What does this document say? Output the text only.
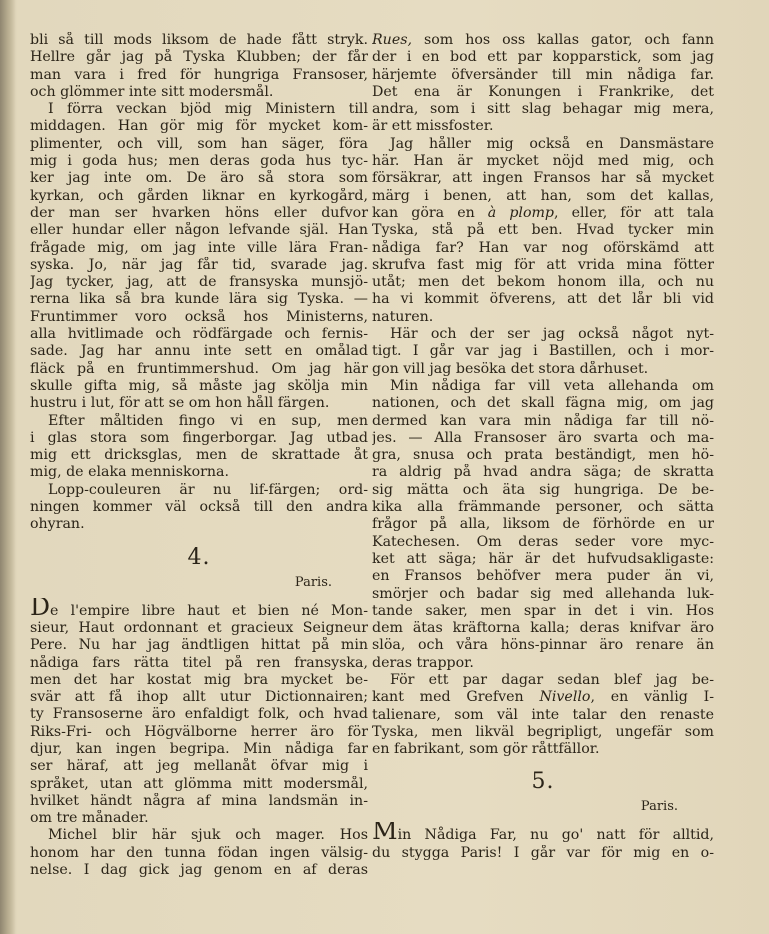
bli så till mods liksom de hade fått stryk.
Hellre går jag på Tyska Klubben; der får
man vara i fred för hungriga Fransoser,
och glömmer inte sitt modersmål.
I förra veckan bjöd mig Ministern till
middagen. Han gör mig för mycket kom-
plimenter, och vill, som han säger, föra
mig i goda hus; men deras goda hus tyc-
ker jag inte om. De äro så stora som
kyrkan, och gården liknar en kyrkogård,
der man ser hvarken höns eller dufvor
eller hundar eller någon lefvande själ. Han
frågade mig, om jag inte ville lära Fran-
syska. Jo, när jag får tid, svarade jag.
Jag tycker, jag, att de fransyska munsjö-
rerna lika så bra kunde lära sig Tyska. —
Fruntimmer voro också hos Ministerns,
alla hvitlimade och rödfärgade och fernis-
sade. Jag har annu inte sett en omålad
fläck på en fruntimmershud. Om jag här
skulle gifta mig, så måste jag skölja min
hustru i lut, för att se om hon håll färgen.
Efter måltiden fingo vi en sup, men
i glas stora som fingerborgar. Jag utbad
mig ett dricksglas, men de skrattade åt
mig, de elaka menniskorna.
Lopp-couleuren är nu lif-färgen; ord-
ningen kommer väl också till den andra
ohyran.
4.
Paris.
De l'empire libre haut et bien né Mon-
sieur, Haut ordonnant et gracieux Seigneur
Pere. Nu har jag ändtligen hittat på min
nådiga fars rätta titel på ren fransyska,
men det har kostat mig bra mycket be-
svär att få ihop allt utur Dictionnairen;
ty Fransoserne äro enfaldigt folk, och hvad
Riks-Fri- och Högvälborne herrer äro för
djur, kan ingen begripa. Min nådiga far
ser häraf, att jeg mellanåt öfvar mig i
språket, utan att glömma mitt modersmål,
hvilket händt några af mina landsmän in-
om tre månader.
Michel blir här sjuk och mager. Hos
honom har den tunna födan ingen välsig-
nelse. I dag gick jag genom en af deras
Rues, som hos oss kallas gator, och fann
der i en bod ett par kopparstick, som jag
härjemte öfversänder till min nådiga far.
Det ena är Konungen i Frankrike, det
andra, som i sitt slag behagar mig mera,
är ett missfoster.
Jag håller mig också en Dansmästare
här. Han är mycket nöjd med mig, och
försäkrar, att ingen Fransos har så mycket
märg i benen, att han, som det kallas,
kan göra en à plomp, eller, för att tala
Tyska, stå på ett ben. Hvad tycker min
nådiga far? Han var nog oförskämd att
skrufva fast mig för att vrida mina fötter
utåt; men det bekom honom illa, och nu
ha vi kommit öfverens, att det lår bli vid
naturen.
Här och der ser jag också något nyt-
tigt. I går var jag i Bastillen, och i mor-
gon vill jag besöka det stora dårhuset.
Min nådiga far vill veta allehanda om
nationen, och det skall fägna mig, om jag
dermed kan vara min nådiga far till nö-
jes. — Alla Fransoser äro svarta och ma-
gra, snusa och prata beständigt, men hö-
ra aldrig på hvad andra säga; de skratta
sig mätta och äta sig hungriga. De be-
kika alla främmande personer, och sätta
frågor på alla, liksom de förhörde en ur
Katechesen. Om deras seder vore myc-
ket att säga; här är det hufvudsakligaste:
en Fransos behöfver mera puder än vi,
smörjer och badar sig med allehanda luk-
tande saker, men spar in det i vin. Hos
dem ätas kräftorna kalla; deras knifvar äro
slöa, och våra höns-pinnar äro renare än
deras trappor.
För ett par dagar sedan blef jag be-
kant med Grefven Nivello, en vänlig I-
talienare, som väl inte talar den renaste
Tyska, men likväl begripligt, ungefär som
en fabrikant, som gör råttfällor.
5.
Paris.
Min Nådiga Far, nu go' natt för alltid,
du stygga Paris! I går var för mig en o-
